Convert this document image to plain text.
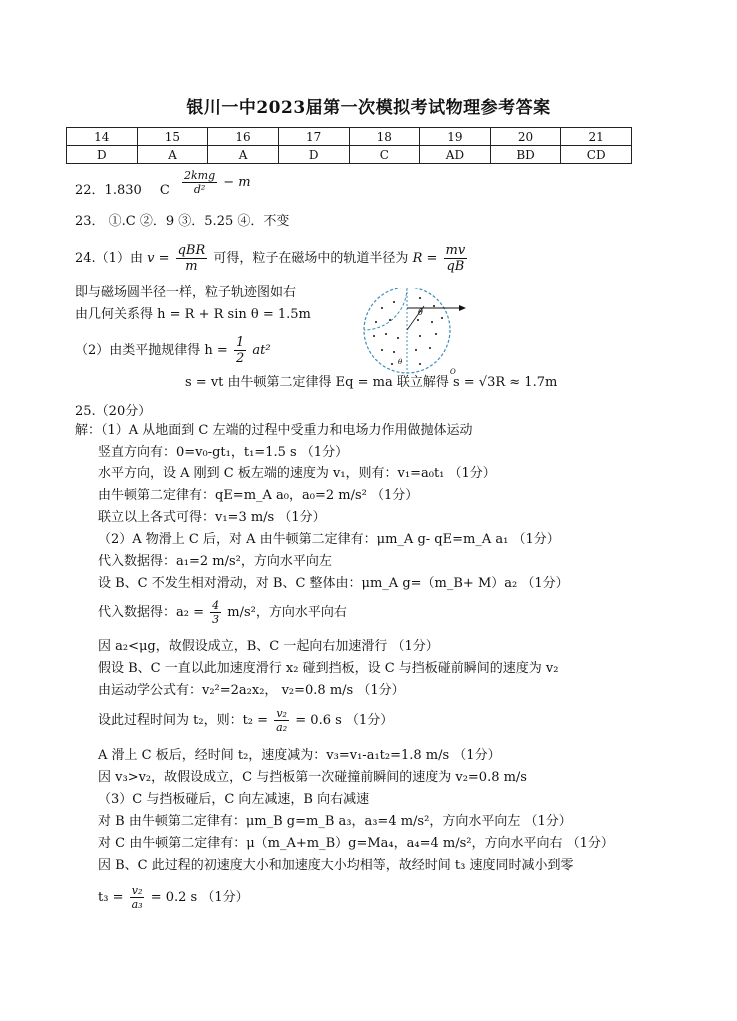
银川一中2023届第一次模拟考试物理参考答案
14	15	16	17	18	19	20	21
D	A	A	D	C	AD	BD	CD
22．1.830 C $\frac{\text{2kmg}}{\text{d²}} - m$
23． ①.C ②．9 ③．5.25 ④．不变
24.（1）由 $v = \frac{\text{qBR}}{m}$ 可得，粒子在磁场中的轨道半径为 $R = \frac{mv}{qB}$
即与磁场圆半径一样，粒子轨迹图如右
由几何关系得 h = R + R sin θ = 1.5m
（2）由类平抛规律得 $h = \frac{1}{2} at^2$
s = vt 由牛顿第二定律得 Eq = ma 联立解得 s = √3R ≈ 1.7m
θ
θ
O
25.（20分）
解：（1）A 从地面到 C 左端的过程中受重力和电场力作用做抛体运动
竖直方向有：0=v₀-gt₁，t₁=1.5 s （1分）
水平方向，设 A 刚到 C 板左端的速度为 v₁，则有：v₁=a₀t₁ （1分）
由牛顿第二定律有：qE=m_A a₀，a₀=2 m/s² （1分）
联立以上各式可得：v₁=3 m/s （1分）
（2）A 物滑上 C 后，对 A 由牛顿第二定律有：μm_A g- qE=m_A a₁ （1分）
代入数据得：a₁=2 m/s²，方向水平向左
设 B、C 不发生相对滑动，对 B、C 整体由：μm_A g=（m_B+ M）a₂ （1分）
代入数据得：$a_2 = \frac{4}{3} m/s^2$，方向水平向右
因 a₂<μg，故假设成立，B、C 一起向右加速滑行 （1分）
假设 B、C 一直以此加速度滑行 x₂ 碰到挡板，设 C 与挡板碰前瞬间的速度为 v₂
由运动学公式有：v₂²=2a₂x₂， v₂=0.8 m/s （1分）
设此过程时间为 t₂，则：$t_2 = \frac{\text{v₂}}{\text{a₂}} = 0.6$ s （1分）
A 滑上 C 板后，经时间 t₂，速度减为：v₃=v₁-a₁t₂=1.8 m/s （1分）
因 v₃>v₂，故假设成立，C 与挡板第一次碰撞前瞬间的速度为 v₂=0.8 m/s
（3）C 与挡板碰后，C 向左减速，B 向右减速
对 B 由牛顿第二定律有：μm_B g=m_B a₃，a₃=4 m/s²，方向水平向左 （1分）
对 C 由牛顿第二定律有：μ（m_A+m_B）g=Ma₄，a₄=4 m/s²，方向水平向右 （1分）
因 B、C 此过程的初速度大小和加速度大小均相等，故经时间 t₃ 速度同时减小到零
$t_3 = \frac{\text{v₂}}{\text{a₃}} = 0.2$ s （1分）
